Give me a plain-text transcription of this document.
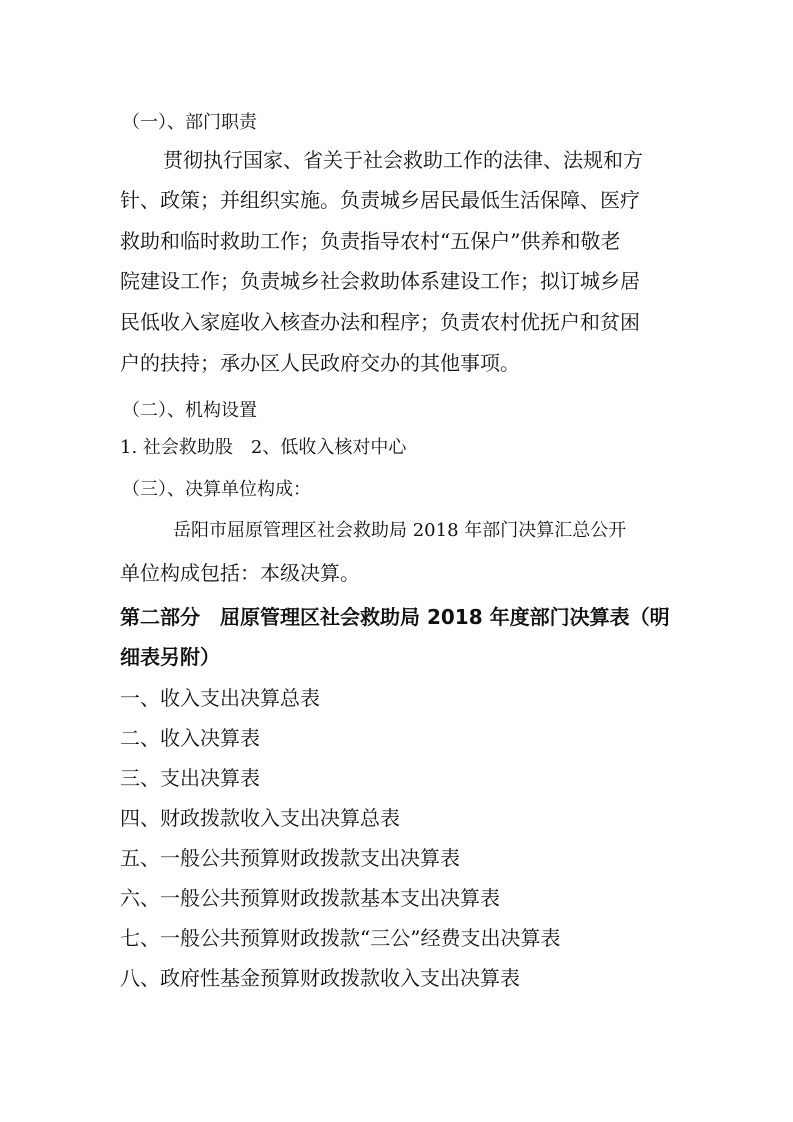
（一）、部门职责
贯彻执行国家、省关于社会救助工作的法律、法规和方
针、政策；并组织实施。负责城乡居民最低生活保障、医疗
救助和临时救助工作；负责指导农村“五保户”供养和敬老
院建设工作；负责城乡社会救助体系建设工作；拟订城乡居
民低收入家庭收入核查办法和程序；负责农村优抚户和贫困
户的扶持；承办区人民政府交办的其他事项。
（二）、机构设置
1. 社会救助股　2、低收入核对中心
（三）、决算单位构成：
岳阳市屈原管理区社会救助局 2018 年部门决算汇总公开
单位构成包括：本级决算。
第二部分　屈原管理区社会救助局 2018 年度部门决算表（明
细表另附）
一、收入支出决算总表
二、收入决算表
三、支出决算表
四、财政拨款收入支出决算总表
五、一般公共预算财政拨款支出决算表
六、一般公共预算财政拨款基本支出决算表
七、一般公共预算财政拨款“三公”经费支出决算表
八、政府性基金预算财政拨款收入支出决算表
